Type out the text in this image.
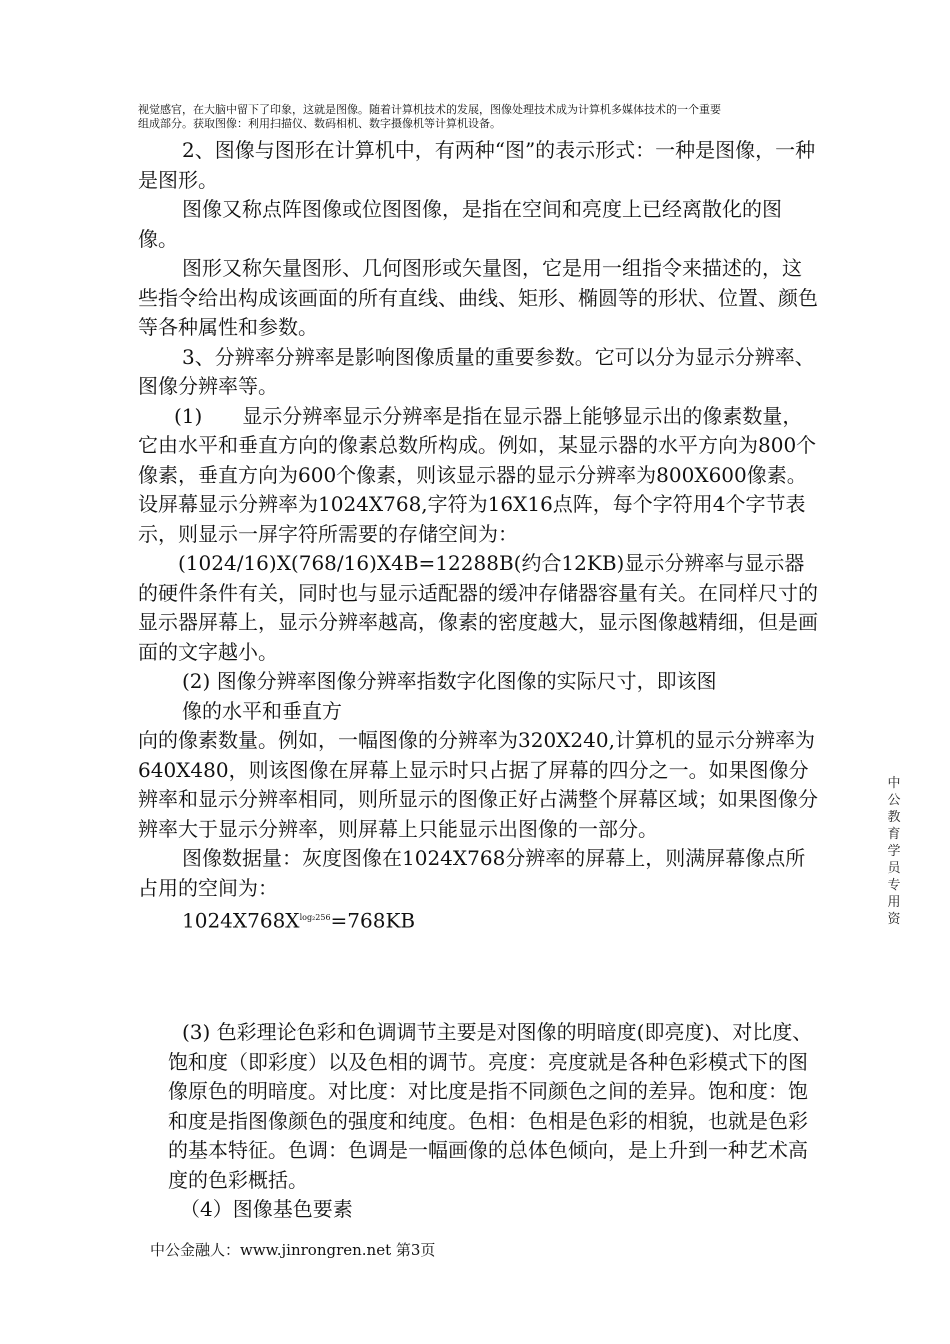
视觉感官，在大脑中留下了印象，这就是图像。随着计算机技术的发展，图像处理技术成为计算机多媒体技术的一个重要

组成部分。获取图像：利用扫描仪、数码相机、数字摄像机等计算机设备。

2、图像与图形在计算机中，有两种“图”的表示形式：一种是图像，一种是图形。

图像又称点阵图像或位图图像，是指在空间和亮度上已经离散化的图像。

图形又称矢量图形、几何图形或矢量图，它是用一组指令来描述的，这些指令给出构成该画面的所有直线、曲线、矩形、椭圆等的形状、位置、颜色等各种属性和参数。

3、分辨率分辨率是影响图像质量的重要参数。它可以分为显示分辨率、图像分辨率等。

(1)　　显示分辨率显示分辨率是指在显示器上能够显示出的像素数量，它由水平和垂直方向的像素总数所构成。例如，某显示器的水平方向为800个像素，垂直方向为600个像素，则该显示器的显示分辨率为800X600像素。设屏幕显示分辨率为1024X768,字符为16X16点阵，每个字符用4个字节表示，则显示一屏字符所需要的存储空间为：

(1024/16)X(768/16)X4B=12288B(约合12KB)显示分辨率与显示器的硬件条件有关，同时也与显示适配器的缓冲存储器容量有关。在同样尺寸的显示器屏幕上，显示分辨率越高，像素的密度越大，显示图像越精细，但是画面的文字越小。

(2) 图像分辨率图像分辨率指数字化图像的实际尺寸，即该图

像的水平和垂直方

向的像素数量。例如，一幅图像的分辨率为320X240,计算机的显示分辨率为640X480，则该图像在屏幕上显示时只占据了屏幕的四分之一。如果图像分辨率和显示分辨率相同，则所显示的图像正好占满整个屏幕区域；如果图像分辨率大于显示分辨率，则屏幕上只能显示出图像的一部分。

图像数据量：灰度图像在1024X768分辨率的屏幕上，则满屏幕像点所占用的空间为：

$1024X768X^{log_2256}=768KB$

(3) 色彩理论色彩和色调调节主要是对图像的明暗度(即亮度)、对比度、饱和度（即彩度）以及色相的调节。亮度：亮度就是各种色彩模式下的图像原色的明暗度。对比度：对比度是指不同颜色之间的差异。饱和度：饱和度是指图像颜色的强度和纯度。色相：色相是色彩的相貌，也就是色彩的基本特征。色调：色调是一幅画像的总体色倾向，是上升到一种艺术高度的色彩概括。

（4）图像基色要素

中公教育学员专用资
中公金融人：www.jinrongren.net 第3页
